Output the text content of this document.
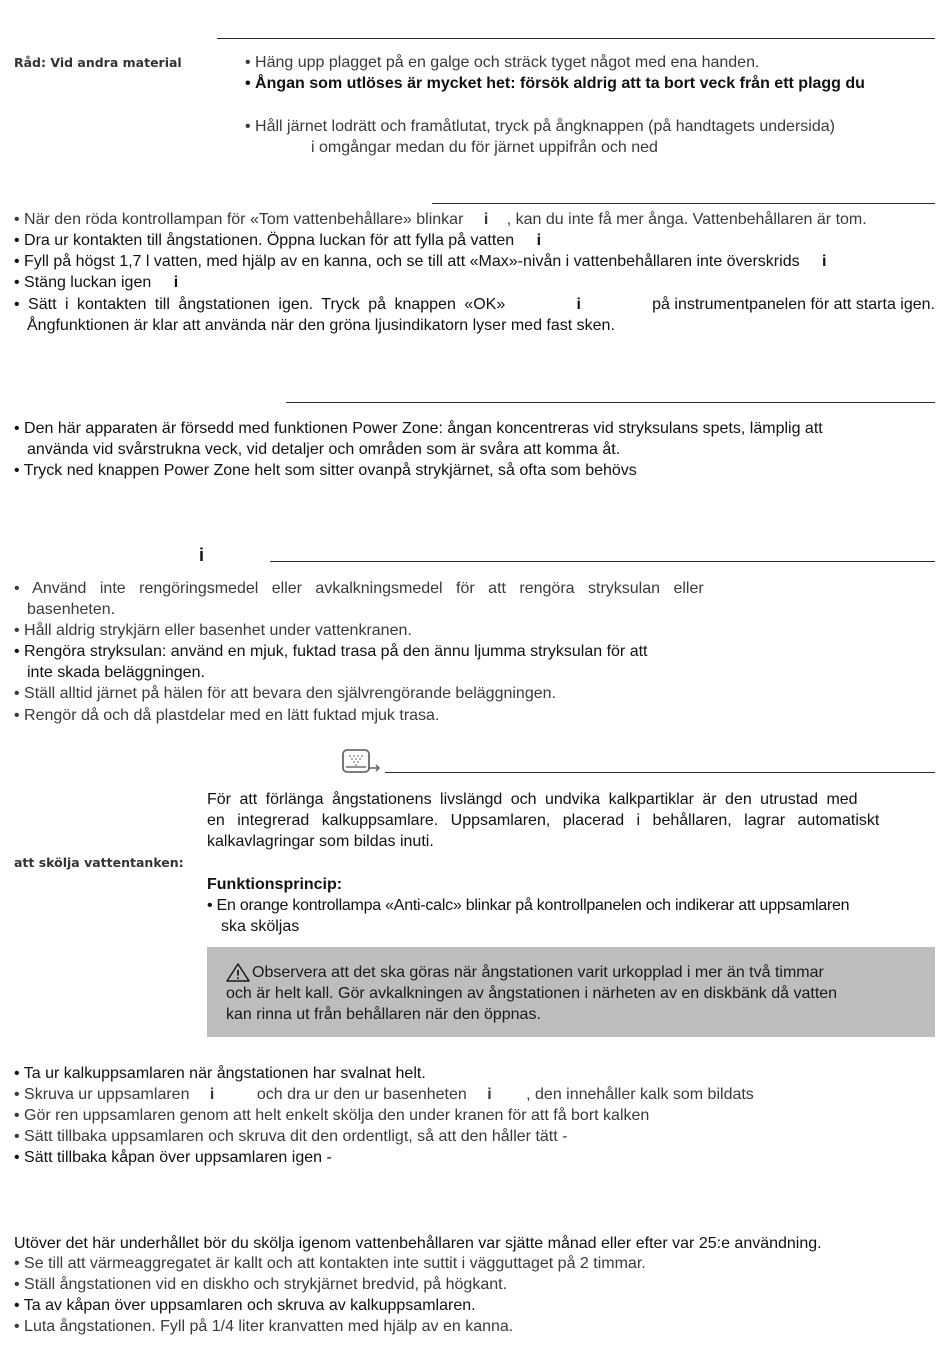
Råd: Vid andra material	• Häng upp plagget på en galge och sträck tyget något med ena handen.
• Ångan som utlöses är mycket het: försök aldrig att ta bort veck från ett plagg du
• Håll järnet lodrätt och framåtlutat, tryck på ångknappen (på handtagets undersida)
i omgångar medan du för järnet uppifrån och ned
• När den röda kontrollampan för «Tom vattenbehållare» blinkar i , kan du inte få mer ånga. Vattenbehållaren är tom.
• Dra ur kontakten till ångstationen. Öppna luckan för att fylla på vatten i
• Fyll på högst 1,7 l vatten, med hjälp av en kanna, och se till att «Max»-nivån i vattenbehållaren inte överskrids i
• Stäng luckan igen i
• Sätt i kontakten till ångstationen igen. Tryck på knappen «OK»	i	på instrumentpanelen för att starta igen.
Ångfunktionen är klar att använda när den gröna ljusindikatorn lyser med fast sken.
• Den här apparaten är försedd med funktionen Power Zone: ångan koncentreras vid stryksulans spets, lämplig att
använda vid svårstrukna veck, vid detaljer och områden som är svåra att komma åt.
• Tryck ned knappen Power Zone helt som sitter ovanpå strykjärnet, så ofta som behövs
i
• Använd inte rengöringsmedel eller avkalkningsmedel för att rengöra stryksulan eller
basenheten.
• Håll aldrig strykjärn eller basenhet under vattenkranen.
• Rengöra stryksulan: använd en mjuk, fuktad trasa på den ännu ljumma stryksulan för att
inte skada beläggningen.
• Ställ alltid järnet på hälen för att bevara den självrengörande beläggningen.
• Rengör då och då plastdelar med en lätt fuktad mjuk trasa.
att skölja vattentanken:
För att förlänga ångstationens livslängd och undvika kalkpartiklar är den utrustad med
en integrerad kalkuppsamlare. Uppsamlaren, placerad i behållaren, lagrar automatiskt
kalkavlagringar som bildas inuti.
Funktionsprincip:
• En orange kontrollampa «Anti-calc» blinkar på kontrollpanelen och indikerar att uppsamlaren
ska sköljas
Observera att det ska göras när ångstationen varit urkopplad i mer än två timmar
och är helt kall. Gör avkalkningen av ångstationen i närheten av en diskbänk då vatten
kan rinna ut från behållaren när den öppnas.
• Ta ur kalkuppsamlaren när ångstationen har svalnat helt.
• Skruva ur uppsamlaren i	och dra ur den ur basenheten i , den innehåller kalk som bildats
• Gör ren uppsamlaren genom att helt enkelt skölja den under kranen för att få bort kalken
• Sätt tillbaka uppsamlaren och skruva dit den ordentligt, så att den håller tätt -
• Sätt tillbaka kåpan över uppsamlaren igen -
Utöver det här underhållet bör du skölja igenom vattenbehållaren var sjätte månad eller efter var 25:e användning.
• Se till att värmeaggregatet är kallt och att kontakten inte suttit i vägguttaget på 2 timmar.
• Ställ ångstationen vid en diskho och strykjärnet bredvid, på högkant.
• Ta av kåpan över uppsamlaren och skruva av kalkuppsamlaren.
• Luta ångstationen. Fyll på 1/4 liter kranvatten med hjälp av en kanna.
